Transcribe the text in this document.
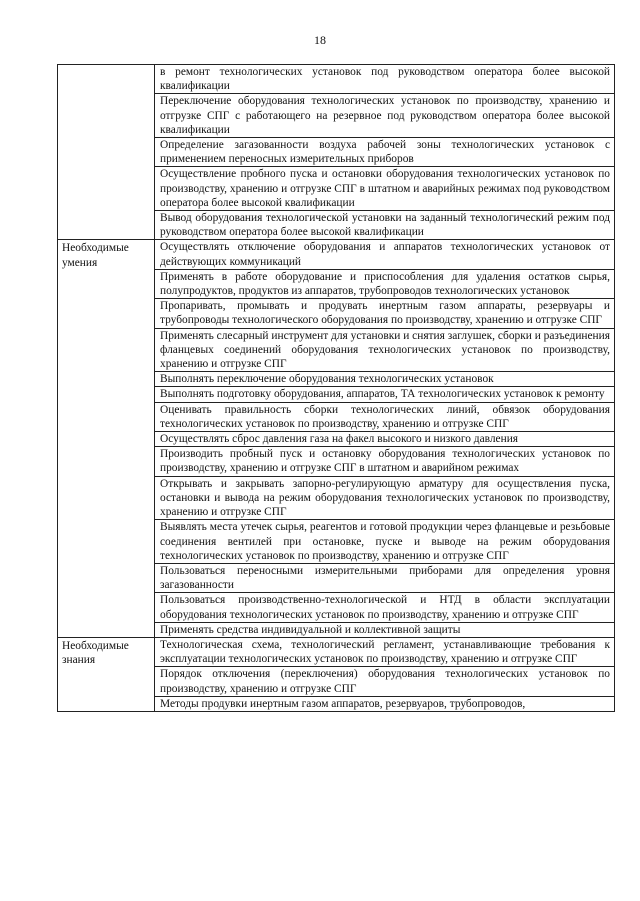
18
	в ремонт технологических установок под руководством оператора более высокой квалификации
	Переключение оборудования технологических установок по производству, хранению и отгрузке СПГ с работающего на резервное под руководством оператора более высокой квалификации
	Определение загазованности воздуха рабочей зоны технологических установок с применением переносных измерительных приборов
	Осуществление пробного пуска и остановки оборудования технологических установок по производству, хранению и отгрузке СПГ в штатном и аварийных режимах под руководством оператора более высокой квалификации
	Вывод оборудования технологической установки на заданный технологический режим под руководством оператора более высокой квалификации
Необходимые умения	Осуществлять отключение оборудования и аппаратов технологических установок от действующих коммуникаций
	Применять в работе оборудование и приспособления для удаления остатков сырья, полупродуктов, продуктов из аппаратов, трубопроводов технологических установок
	Пропаривать, промывать и продувать инертным газом аппараты, резервуары и трубопроводы технологического оборудования по производству, хранению и отгрузке СПГ
	Применять слесарный инструмент для установки и снятия заглушек, сборки и разъединения фланцевых соединений оборудования технологических установок по производству, хранению и отгрузке СПГ
	Выполнять переключение оборудования технологических установок
	Выполнять подготовку оборудования, аппаратов, ТА технологических установок к ремонту
	Оценивать правильность сборки технологических линий, обвязок оборудования технологических установок по производству, хранению и отгрузке СПГ
	Осуществлять сброс давления газа на факел высокого и низкого давления
	Производить пробный пуск и остановку оборудования технологических установок по производству, хранению и отгрузке СПГ в штатном и аварийном режимах
	Открывать и закрывать запорно-регулирующую арматуру для осуществления пуска, остановки и вывода на режим оборудования технологических установок по производству, хранению и отгрузке СПГ
	Выявлять места утечек сырья, реагентов и готовой продукции через фланцевые и резьбовые соединения вентилей при остановке, пуске и выводе на режим оборудования технологических установок по производству, хранению и отгрузке СПГ
	Пользоваться переносными измерительными приборами для определения уровня загазованности
	Пользоваться производственно-технологической и НТД в области эксплуатации оборудования технологических установок по производству, хранению и отгрузке СПГ
	Применять средства индивидуальной и коллективной защиты
Необходимые знания	Технологическая схема, технологический регламент, устанавливающие требования к эксплуатации технологических установок по производству, хранению и отгрузке СПГ
	Порядок отключения (переключения) оборудования технологических установок по производству, хранению и отгрузке СПГ
	Методы продувки инертным газом аппаратов, резервуаров, трубопроводов,
